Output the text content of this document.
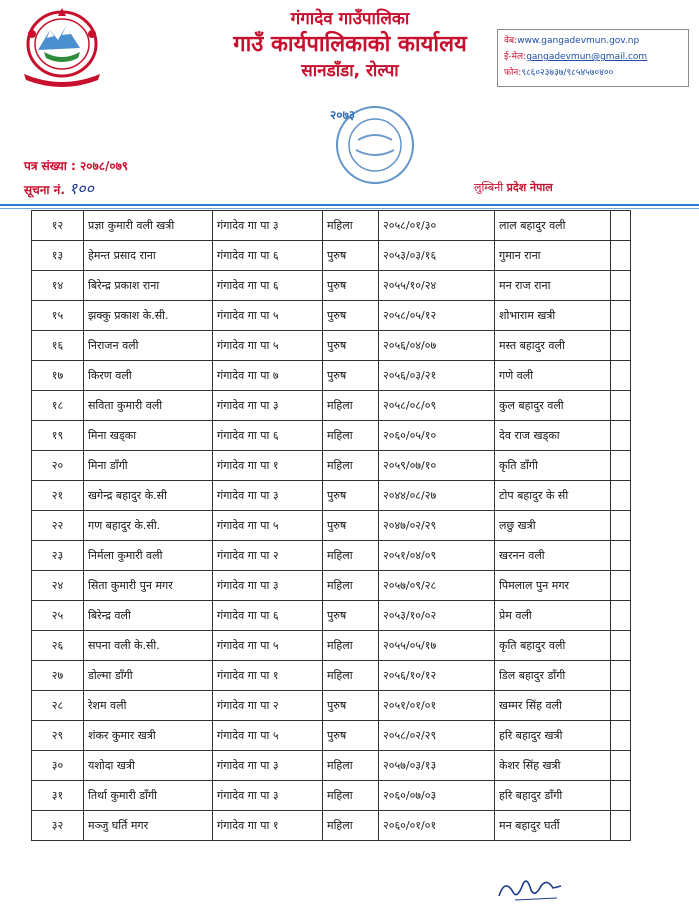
गंगादेव गाउँपालिका
गाउँ कार्यपालिकाको कार्यालय
सानडाँडा, रोल्पा
वेब:www.gangadevmun.gov.np
ई-मेल:gangadevmun@gmail.com
फोन:९८६०२३७३७/९८५४५७०४००
२०७३
पत्र संख्या : २०७८/०७९
सूचना नं. १००	लुम्बिनी प्रदेश नेपाल
१२	प्रज्ञा कुमारी वली खत्री	गंगादेव गा पा ३	महिला	२०५८/०१/३०	लाल बहादुर वली	
१३	हेमन्त प्रसाद राना	गंगादेव गा पा ६	पुरुष	२०५३/०३/१६	गुमान राना	
१४	बिरेन्द्र प्रकाश राना	गंगादेव गा पा ६	पुरुष	२०५५/१०/२४	मन राज राना	
१५	झक्कु प्रकाश के.सी.	गंगादेव गा पा ५	पुरुष	२०५८/०५/१२	शोभाराम खत्री	
१६	निराजन वली	गंगादेव गा पा ५	पुरुष	२०५६/०४/०७	मस्त बहादुर वली	
१७	किरण वली	गंगादेव गा पा ७	पुरुष	२०५६/०३/२१	गणे वली	
१८	सविता कुमारी वली	गंगादेव गा पा ३	महिला	२०५८/०८/०९	कुल बहादुर वली	
१९	मिना खड्का	गंगादेव गा पा ६	महिला	२०६०/०५/१०	देव राज खड्का	
२०	मिना डाँगी	गंगादेव गा पा १	महिला	२०५९/०७/१०	कृति डाँगी	
२१	खगेन्द्र बहादुर के.सी	गंगादेव गा पा ३	पुरुष	२०४४/०८/२७	टोप बहादुर के सी	
२२	गण बहादुर के.सी.	गंगादेव गा पा ५	पुरुष	२०४७/०२/२९	लछु खत्री	
२३	निर्मला कुमारी वली	गंगादेव गा पा २	महिला	२०५१/०४/०९	खरनन वली	
२४	सिता कुमारी पुन मगर	गंगादेव गा पा ३	महिला	२०५७/०९/२८	पिमलाल पुन मगर	
२५	बिरेन्द्र वली	गंगादेव गा पा ६	पुरुष	२०५३/१०/०२	प्रेम वली	
२६	सपना वली के.सी.	गंगादेव गा पा ५	महिला	२०५५/०५/१७	कृति बहादुर वली	
२७	डोल्मा डाँगी	गंगादेव गा पा १	महिला	२०५६/१०/१२	डिल बहादुर डाँगी	
२८	रेशम वली	गंगादेव गा पा २	पुरुष	२०५१/०१/०१	खम्मर सिंह वली	
२९	शंकर कुमार खत्री	गंगादेव गा पा ५	पुरुष	२०५८/०२/२९	हरि बहादुर खत्री	
३०	यशोदा खत्री	गंगादेव गा पा ३	महिला	२०५७/०३/१३	केशर सिंह खत्री	
३१	तिर्था कुमारी डाँगी	गंगादेव गा पा ३	महिला	२०६०/०७/०३	हरि बहादुर डाँगी	
३२	मञ्जु घर्ति मगर	गंगादेव गा पा १	महिला	२०६०/०१/०१	मन बहादुर घर्ती	
